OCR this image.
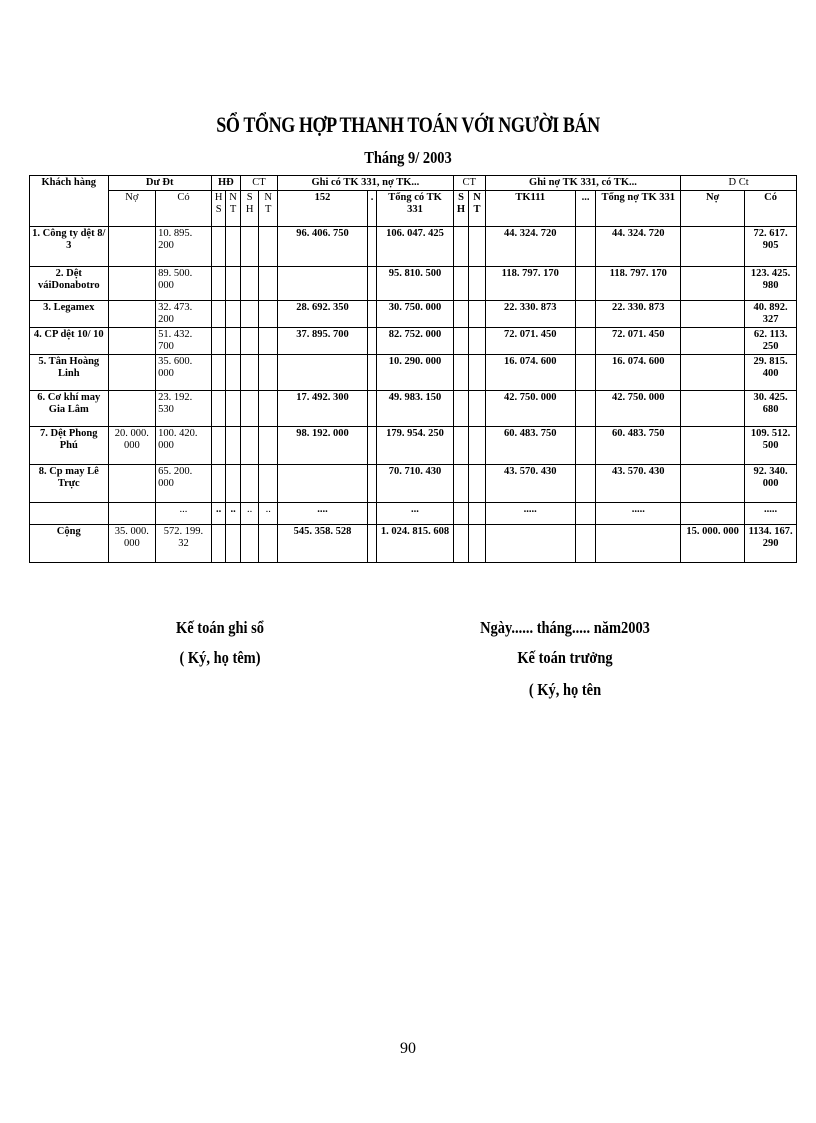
SỔ TỔNG HỢP THANH TOÁN VỚI NGƯỜI BÁN
Tháng 9/ 2003
Khách hàng	Dư Đt		HĐ		CT		Ghi có TK 331, nợ TK...			CT		Ghi nợ TK 331, có TK...			D Ct	
	Nợ	Có	H S	N T	S H	N T	152	.	Tổng có TK 331	S H	N T	TK111	...	Tổng nợ TK 331	Nợ	Có
1. Công ty dệt 8/ 3		10. 895. 200					96. 406. 750		106. 047. 425			44. 324. 720		44. 324. 720		72. 617. 905
2. Dệt váiDonabotro		89. 500. 000							95. 810. 500			118. 797. 170		118. 797. 170		123. 425. 980
3. Legamex		32. 473. 200					28. 692. 350		30. 750. 000			22. 330. 873		22. 330. 873		40. 892. 327
4. CP dệt 10/ 10		51. 432. 700					37. 895. 700		82. 752. 000			72. 071. 450		72. 071. 450		62. 113. 250
5. Tân Hoàng Linh		35. 600. 000							10. 290. 000			16. 074. 600		16. 074. 600		29. 815. 400
6. Cơ khí may Gia Lâm		23. 192. 530					17. 492. 300		49. 983. 150			42. 750. 000		42. 750. 000		30. 425. 680
7. Dệt Phong Phú	20. 000. 000	100. 420. 000					98. 192. 000		179. 954. 250			60. 483. 750		60. 483. 750		109. 512. 500
8. Cp may Lê Trực		65. 200. 000							70. 710. 430			43. 570. 430		43. 570. 430		92. 340. 000
		...	..	..	..	..	....		...			.....		.....		.....
Cộng	35. 000. 000	572. 199. 32					545. 358. 528		1. 024. 815. 608						15. 000. 000	1134. 167. 290
Kế toán ghi sổ
( Ký, họ têm)
Ngày...... tháng..... năm2003
Kế toán trưởng
( Ký, họ tên
90
